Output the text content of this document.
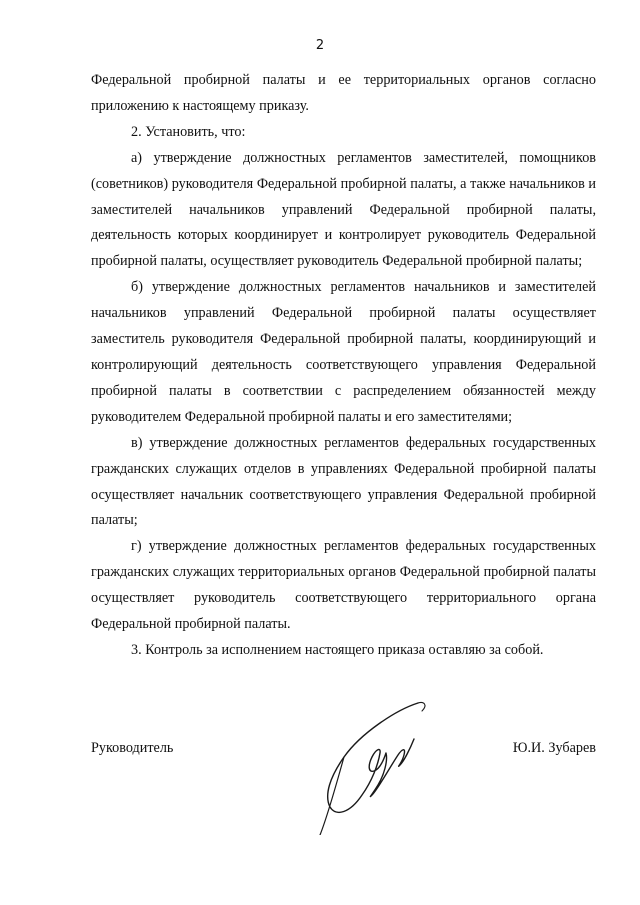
2

Федеральной пробирной палаты и ее территориальных органов согласно приложению к настоящему приказу.

2. Установить, что:

а) утверждение должностных регламентов заместителей, помощников (советников) руководителя Федеральной пробирной палаты, а также начальников и заместителей начальников управлений Федеральной пробирной палаты, деятельность которых координирует и контролирует руководитель Федеральной пробирной палаты, осуществляет руководитель Федеральной пробирной палаты;

б) утверждение должностных регламентов начальников и заместителей начальников управлений Федеральной пробирной палаты осуществляет заместитель руководителя Федеральной пробирной палаты, координирующий и контролирующий деятельность соответствующего управления Федеральной пробирной палаты в соответствии с распределением обязанностей между руководителем Федеральной пробирной палаты и его заместителями;

в) утверждение должностных регламентов федеральных государственных гражданских служащих отделов в управлениях Федеральной пробирной палаты осуществляет начальник соответствующего управления Федеральной пробирной палаты;

г) утверждение должностных регламентов федеральных государственных гражданских служащих территориальных органов Федеральной пробирной палаты осуществляет руководитель соответствующего территориального органа Федеральной пробирной палаты.

3. Контроль за исполнением настоящего приказа оставляю за собой.

Руководитель	Ю.И. Зубарев
